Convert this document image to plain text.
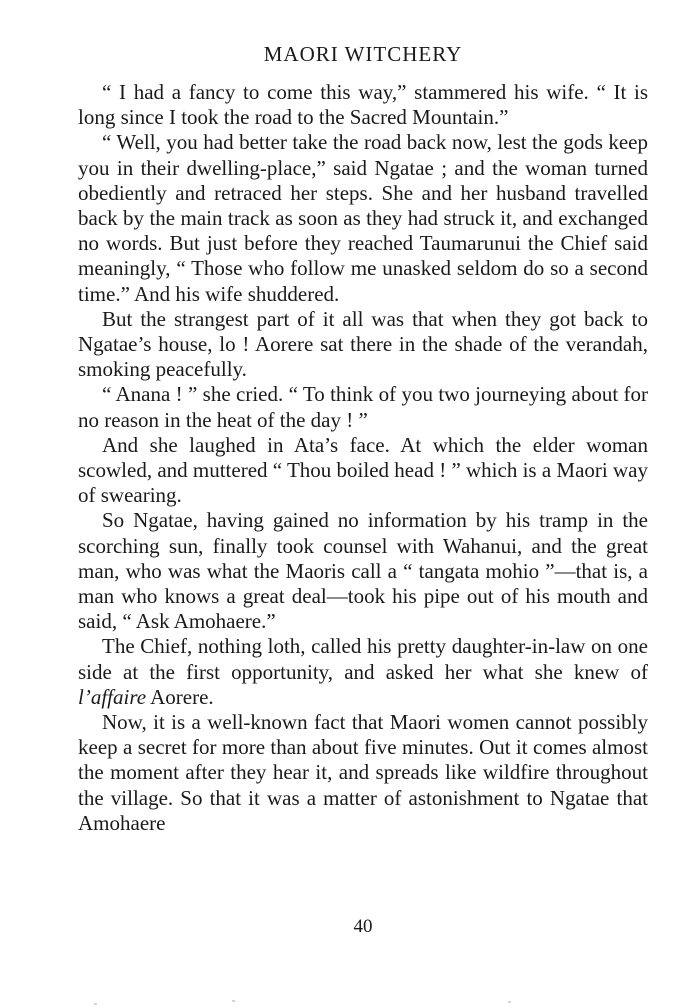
MAORI WITCHERY

“ I had a fancy to come this way,” stammered his wife. “ It is long since I took the road to the Sacred Mountain.”

“ Well, you had better take the road back now, lest the gods keep you in their dwelling-place,” said Ngatae ; and the woman turned obediently and retraced her steps. She and her husband travelled back by the main track as soon as they had struck it, and exchanged no words. But just before they reached Taumarunui the Chief said meaningly, “ Those who follow me unasked seldom do so a second time.” And his wife shuddered.

But the strangest part of it all was that when they got back to Ngatae’s house, lo ! Aorere sat there in the shade of the verandah, smoking peacefully.

“ Anana ! ” she cried. “ To think of you two journeying about for no reason in the heat of the day ! ”

And she laughed in Ata’s face. At which the elder woman scowled, and muttered “ Thou boiled head ! ” which is a Maori way of swearing.

So Ngatae, having gained no information by his tramp in the scorching sun, finally took counsel with Wahanui, and the great man, who was what the Maoris call a “ tangata mohio ”—that is, a man who knows a great deal—took his pipe out of his mouth and said, “ Ask Amohaere.”

The Chief, nothing loth, called his pretty daughter-in-law on one side at the first opportunity, and asked her what she knew of l’affaire Aorere.

Now, it is a well-known fact that Maori women cannot possibly keep a secret for more than about five minutes. Out it comes almost the moment after they hear it, and spreads like wildfire throughout the village. So that it was a matter of astonishment to Ngatae that Amohaere

40
